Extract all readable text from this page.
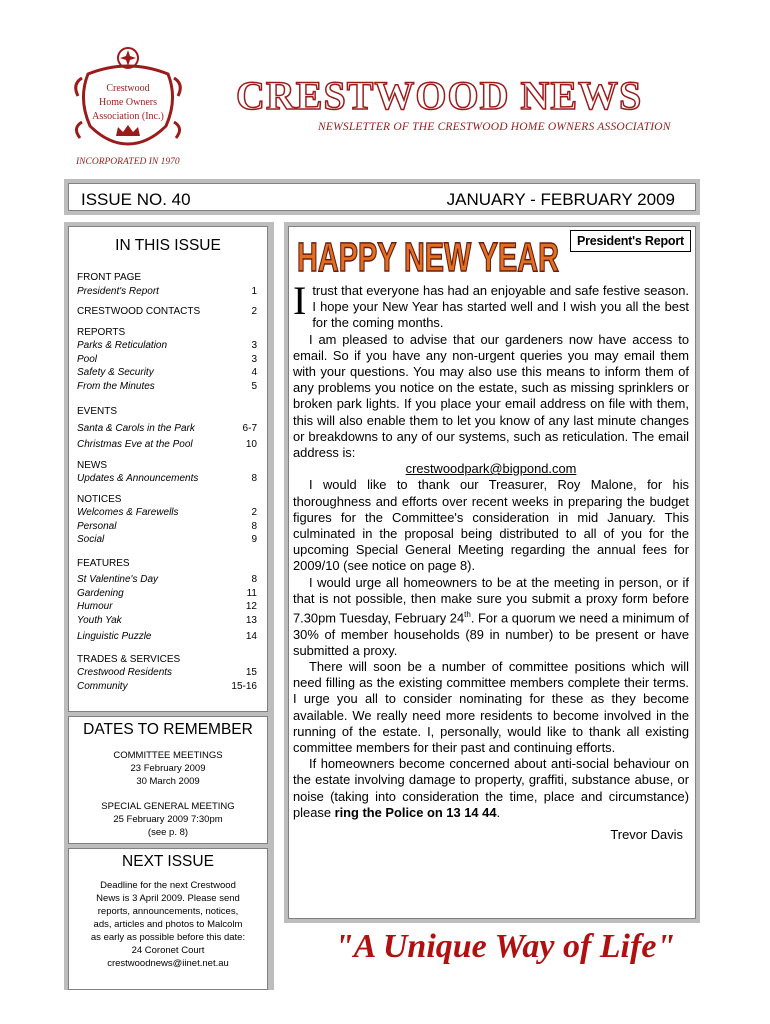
Crestwood
Home Owners
Association (Inc.) CRESTWOOD NEWS
NEWSLETTER OF THE CRESTWOOD HOME OWNERS ASSOCIATION
INCORPORATED IN 1970
ISSUE NO. 40	JANUARY - FEBRUARY 2009
IN THIS ISSUE
FRONT PAGE
President's Report	1
CRESTWOOD CONTACTS	2
REPORTS
Parks & Reticulation	3
Pool	3
Safety & Security	4
From the Minutes	5
EVENTS
Santa & Carols in the Park	6-7
Christmas Eve at the Pool	10
NEWS
Updates & Announcements	8
NOTICES
Welcomes & Farewells	2
Personal	8
Social	9
FEATURES
St Valentine's Day	8
Gardening	11
Humour	12
Youth Yak	13
Linguistic Puzzle	14
TRADES & SERVICES
Crestwood Residents	15
Community	15-16
DATES TO REMEMBER
COMMITTEE MEETINGS
23 February 2009
30 March 2009
SPECIAL GENERAL MEETING
25 February 2009 7:30pm
(see p. 8)
NEXT ISSUE
Deadline for the next Crestwood
News is 3 April 2009. Please send
reports, announcements, notices,
ads, articles and photos to Malcolm
as early as possible before this date:
24 Coronet Court
crestwoodnews@iinet.net.au
HAPPY NEW YEAR	President's Report

Itrust that everyone has had an enjoyable and safe festive season. I hope your New Year has started well and I wish you all the best for the coming months.

I am pleased to advise that our gardeners now have access to email. So if you have any non-urgent queries you may email them with your questions. You may also use this means to inform them of any problems you notice on the estate, such as missing sprinklers or broken park lights. If you place your email address on file with them, this will also enable them to let you know of any last minute changes or breakdowns to any of our systems, such as reticulation. The email address is:

crestwoodpark@bigpond.com

I would like to thank our Treasurer, Roy Malone, for his thoroughness and efforts over recent weeks in preparing the budget figures for the Committee's consideration in mid January. This culminated in the proposal being distributed to all of you for the upcoming Special General Meeting regarding the annual fees for 2009/10 (see notice on page 8).

I would urge all homeowners to be at the meeting in person, or if that is not possible, then make sure you submit a proxy form before 7.30pm Tuesday, February 24th. For a quorum we need a minimum of 30% of member households (89 in number) to be present or have submitted a proxy.

There will soon be a number of committee positions which will need filling as the existing committee members complete their terms. I urge you all to consider nominating for these as they become available. We really need more residents to become involved in the running of the estate. I, personally, would like to thank all existing committee members for their past and continuing efforts.

If homeowners become concerned about anti-social behaviour on the estate involving damage to property, graffiti, substance abuse, or noise (taking into consideration the time, place and circumstance) please ring the Police on 13 14 44.

Trevor Davis

"A Unique Way of Life"
